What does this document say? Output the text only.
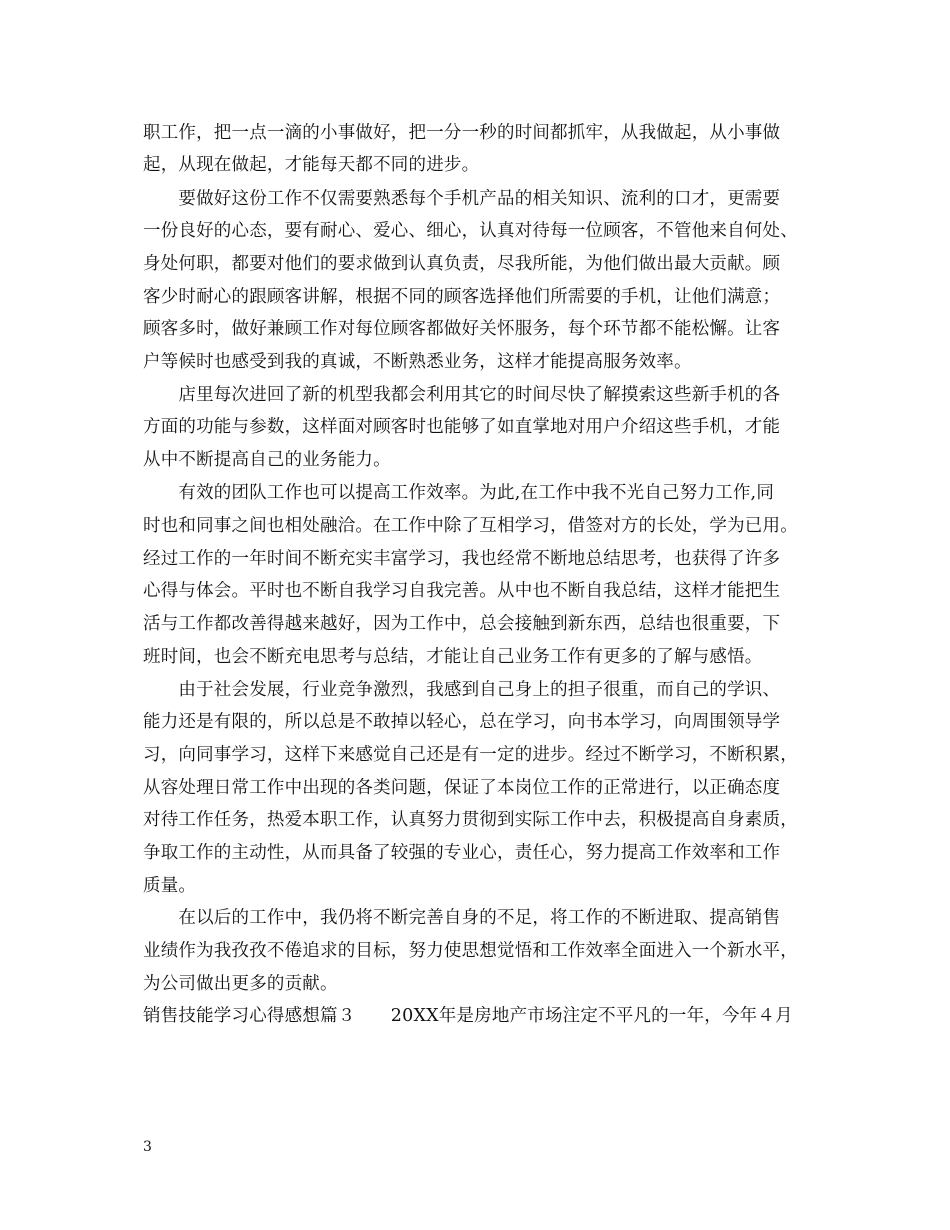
职工作，把一点一滴的小事做好，把一分一秒的时间都抓牢，从我做起，从小事做
起，从现在做起，才能每天都不同的进步。
　　要做好这份工作不仅需要熟悉每个手机产品的相关知识、流利的口才，更需要
一份良好的心态，要有耐心、爱心、细心，认真对待每一位顾客，不管他来自何处、
身处何职，都要对他们的要求做到认真负责，尽我所能，为他们做出最大贡献。顾
客少时耐心的跟顾客讲解，根据不同的顾客选择他们所需要的手机，让他们满意；
顾客多时，做好兼顾工作对每位顾客都做好关怀服务，每个环节都不能松懈。让客
户等候时也感受到我的真诚，不断熟悉业务，这样才能提高服务效率。
　　店里每次进回了新的机型我都会利用其它的时间尽快了解摸索这些新手机的各
方面的功能与参数，这样面对顾客时也能够了如直掌地对用户介绍这些手机，才能
从中不断提高自己的业务能力。
　　有效的团队工作也可以提高工作效率。为此,在工作中我不光自己努力工作,同
时也和同事之间也相处融洽。在工作中除了互相学习，借签对方的长处，学为已用。
经过工作的一年时间不断充实丰富学习，我也经常不断地总结思考，也获得了许多
心得与体会。平时也不断自我学习自我完善。从中也不断自我总结，这样才能把生
活与工作都改善得越来越好，因为工作中，总会接触到新东西，总结也很重要，下
班时间，也会不断充电思考与总结，才能让自己业务工作有更多的了解与感悟。
　　由于社会发展，行业竞争激烈，我感到自己身上的担子很重，而自己的学识、
能力还是有限的，所以总是不敢掉以轻心，总在学习，向书本学习，向周围领导学
习，向同事学习，这样下来感觉自己还是有一定的进步。经过不断学习，不断积累，
从容处理日常工作中出现的各类问题，保证了本岗位工作的正常进行，以正确态度
对待工作任务，热爱本职工作，认真努力贯彻到实际工作中去，积极提高自身素质，
争取工作的主动性，从而具备了较强的专业心，责任心，努力提高工作效率和工作
质量。
　　在以后的工作中，我仍将不断完善自身的不足，将工作的不断进取、提高销售
业绩作为我孜孜不倦追求的目标，努力使思想觉悟和工作效率全面进入一个新水平，
为公司做出更多的贡献。
销售技能学习心得感想篇３　　20XX年是房地产市场注定不平凡的一年，今年４月
3
